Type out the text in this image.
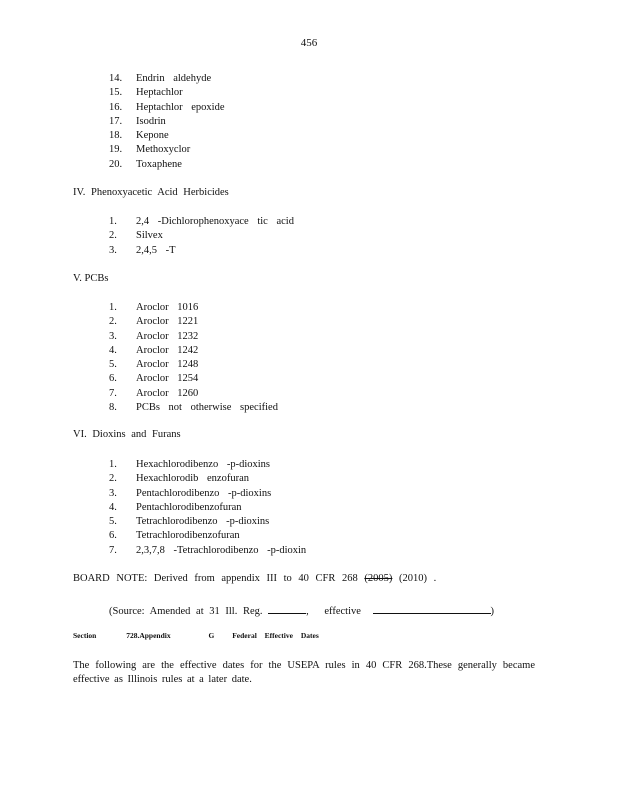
456
14.	Endrin aldehyde
15.	Heptachlor
16.	Heptachlor epoxide
17.	Isodrin
18.	Kepone
19.	Methoxyclor
20.	Toxaphene
IV. Phenoxyacetic Acid Herbicides
1.	2,4 -Dichlorophenoxyace tic acid
2.	Silvex
3.	2,4,5 -T
V. PCBs
1.	Aroclor 1016
2.	Aroclor 1221
3.	Aroclor 1232
4.	Aroclor 1242
5.	Aroclor 1248
6.	Aroclor 1254
7.	Aroclor 1260
8.	PCBs not otherwise specified
VI. Dioxins and Furans
1.	Hexachlorodibenzo -p-dioxins
2.	Hexachlorodib enzofuran
3.	Pentachlorodibenzo -p-dioxins
4.	Pentachlorodibenzofuran
5.	Tetrachlorodibenzo -p-dioxins
6.	Tetrachlorodibenzofuran
7.	2,3,7,8 -Tetrachlorodibenzo -p-dioxin
BOARD NOTE: Derived from appendix III to 40 CFR 268 (2005) (2010) .
(Source: Amended at 31 Ill. Reg.	, effective	)
Section	728.Appendix	G Federal Effective Dates
The following are the effective dates for the USEPA rules in 40 CFR 268.These generally became effective as Illinois rules at a later date.
